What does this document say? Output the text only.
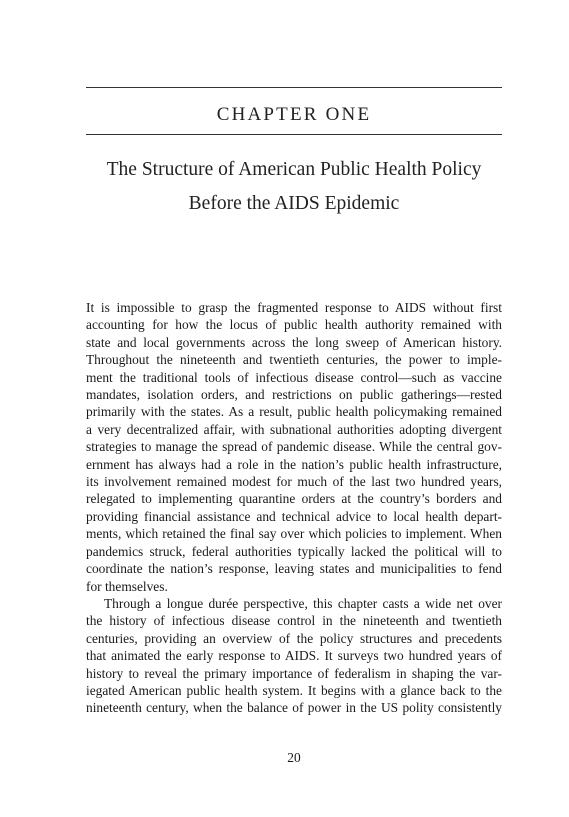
CHAPTER ONE
The Structure of American Public Health Policy
Before the AIDS Epidemic
It is impossible to grasp the fragmented response to AIDS without first
accounting for how the locus of public health authority remained with
state and local governments across the long sweep of American history.
Throughout the nineteenth and twentieth centuries, the power to imple-
ment the traditional tools of infectious disease control—such as vaccine
mandates, isolation orders, and restrictions on public gatherings—rested
primarily with the states. As a result, public health policymaking remained
a very decentralized affair, with subnational authorities adopting divergent
strategies to manage the spread of pandemic disease. While the central gov-
ernment has always had a role in the nation’s public health infrastructure,
its involvement remained modest for much of the last two hundred years,
relegated to implementing quarantine orders at the country’s borders and
providing financial assistance and technical advice to local health depart-
ments, which retained the final say over which policies to implement. When
pandemics struck, federal authorities typically lacked the political will to
coordinate the nation’s response, leaving states and municipalities to fend
for themselves.
Through a longue durée perspective, this chapter casts a wide net over
the history of infectious disease control in the nineteenth and twentieth
centuries, providing an overview of the policy structures and precedents
that animated the early response to AIDS. It surveys two hundred years of
history to reveal the primary importance of federalism in shaping the var-
iegated American public health system. It begins with a glance back to the
nineteenth century, when the balance of power in the US polity consistently
20
